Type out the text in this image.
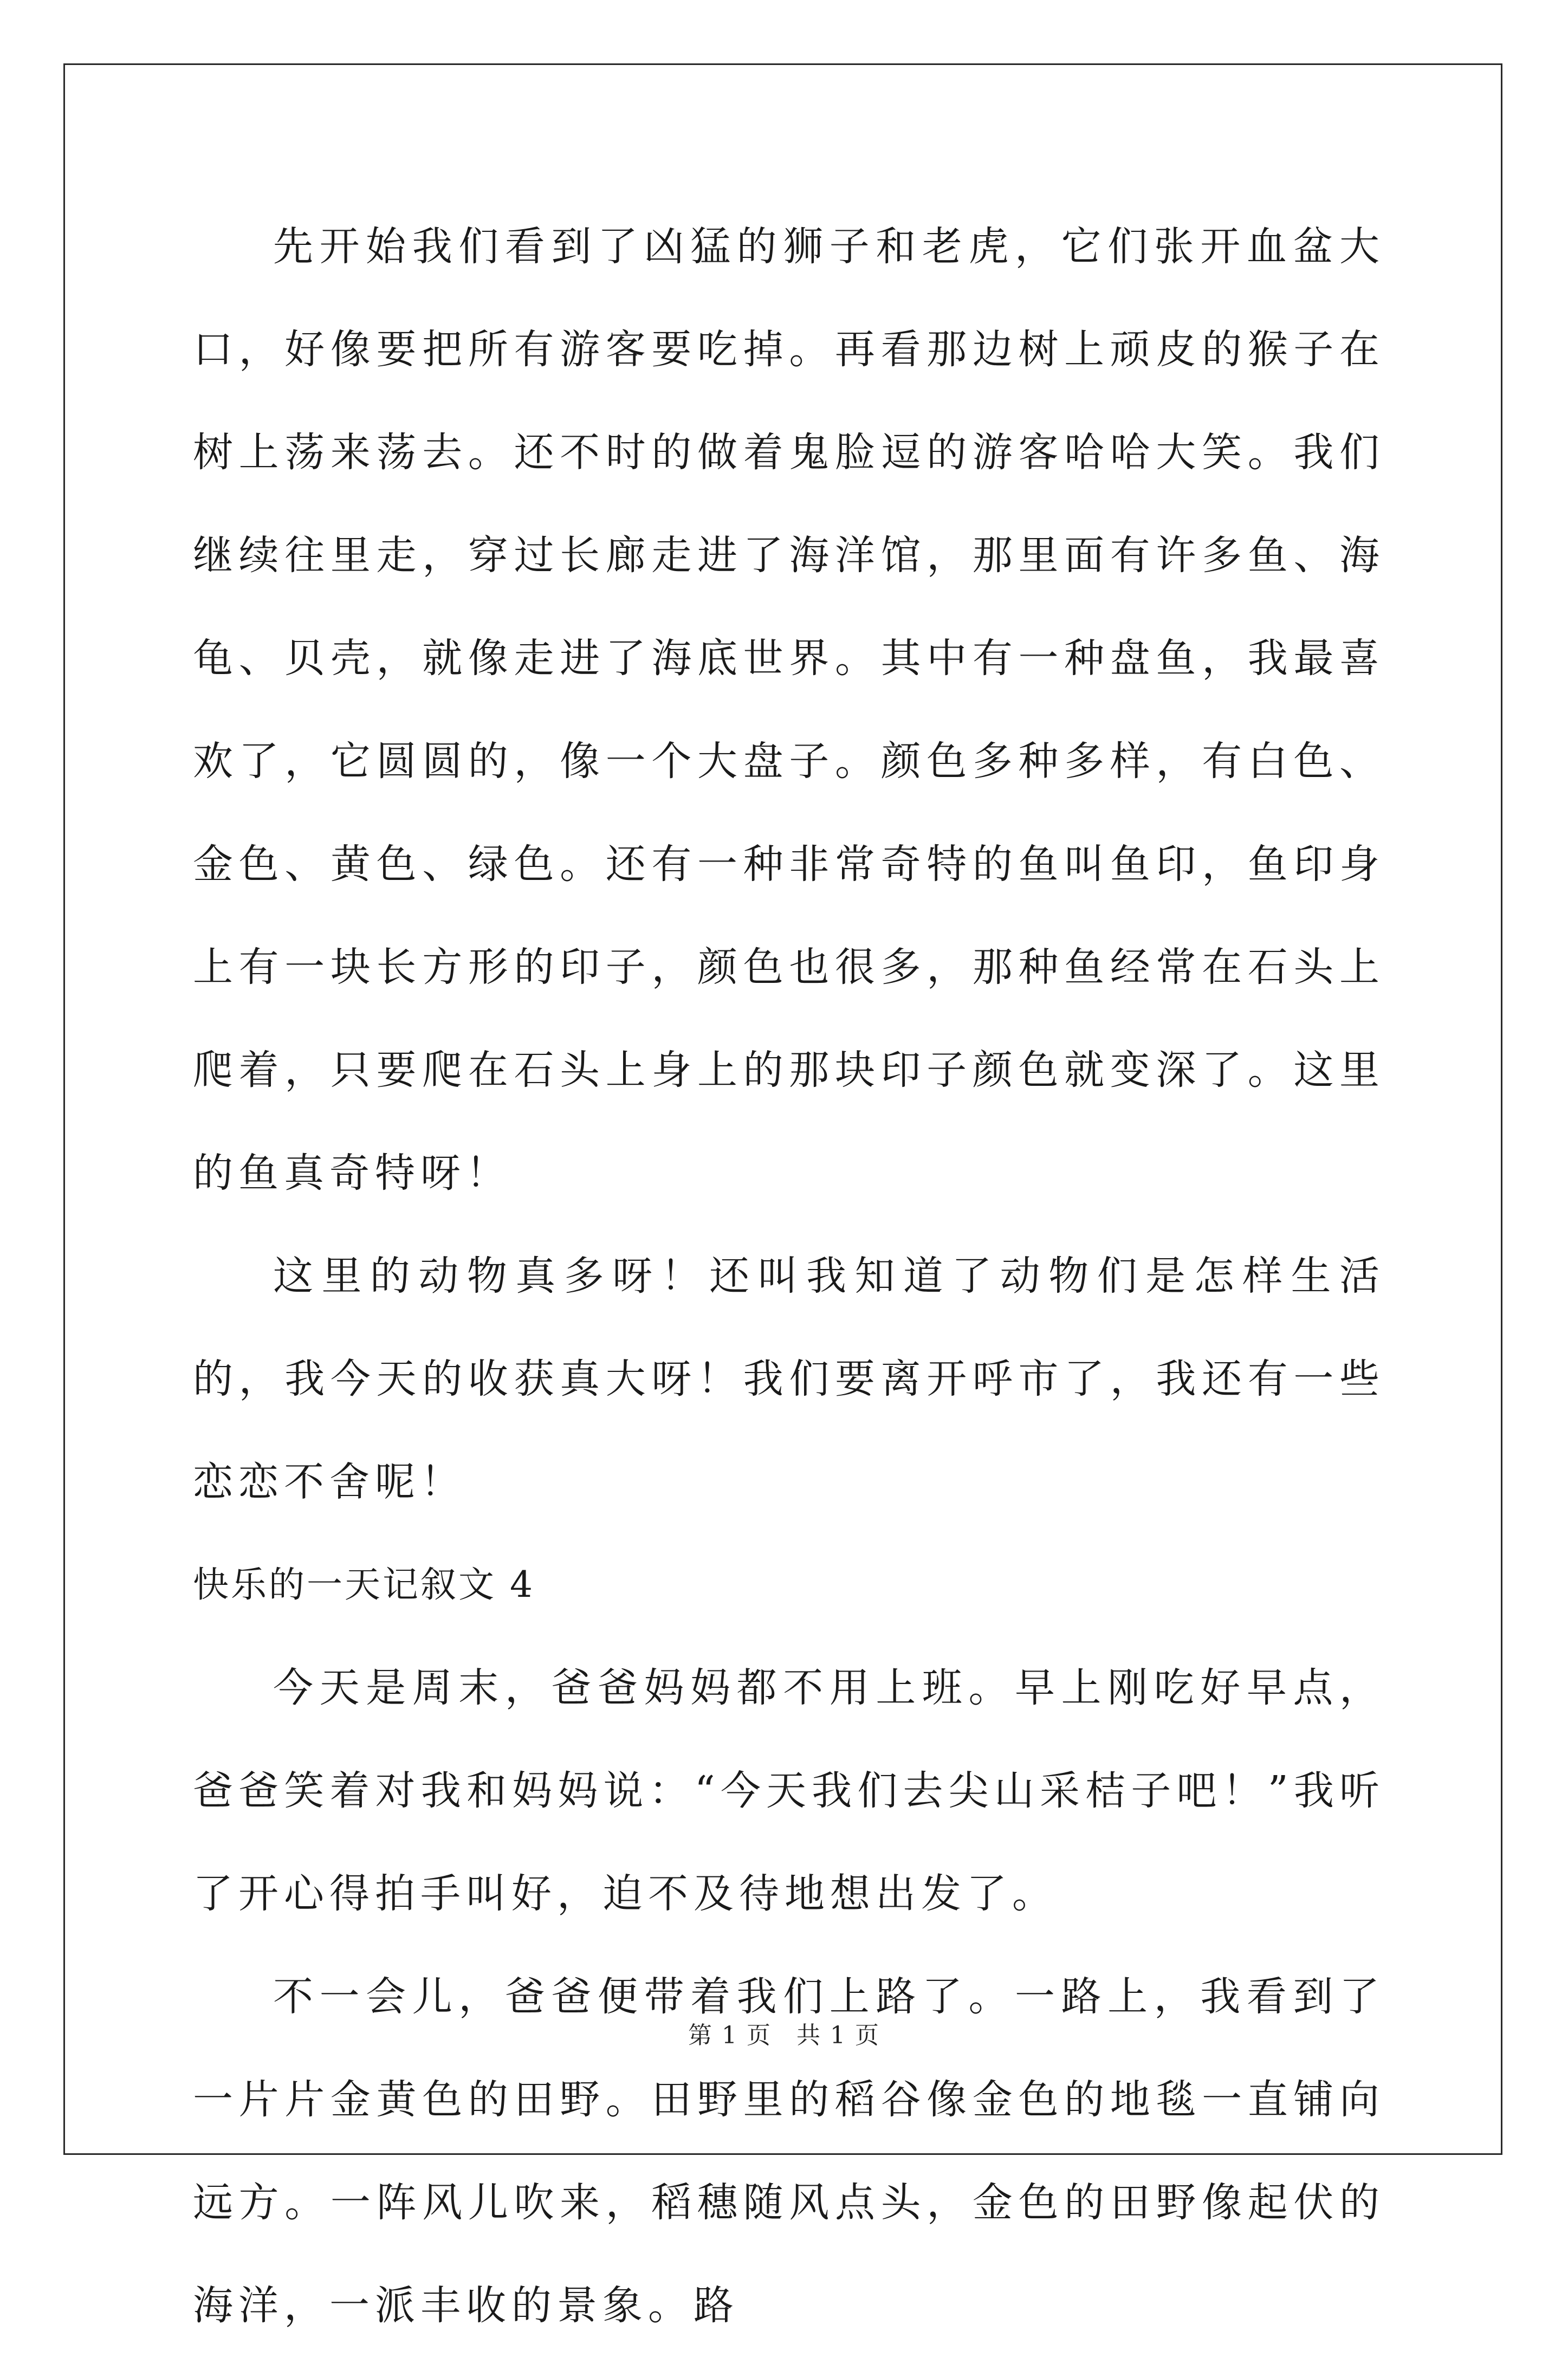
先开始我们看到了凶猛的狮子和老虎，它们张开血盆大口，好像要把所有游客要吃掉。再看那边树上顽皮的猴子在树上荡来荡去。还不时的做着鬼脸逗的游客哈哈大笑。我们继续往里走，穿过长廊走进了海洋馆，那里面有许多鱼、海龟、贝壳，就像走进了海底世界。其中有一种盘鱼，我最喜欢了，它圆圆的，像一个大盘子。颜色多种多样，有白色、金色、黄色、绿色。还有一种非常奇特的鱼叫鱼印，鱼印身上有一块长方形的印子，颜色也很多，那种鱼经常在石头上爬着，只要爬在石头上身上的那块印子颜色就变深了。这里的鱼真奇特呀！

这里的动物真多呀！还叫我知道了动物们是怎样生活的，我今天的收获真大呀！我们要离开呼市了，我还有一些恋恋不舍呢！

快乐的一天记叙文 4

今天是周末，爸爸妈妈都不用上班。早上刚吃好早点，爸爸笑着对我和妈妈说：“今天我们去尖山采桔子吧！”我听了开心得拍手叫好，迫不及待地想出发了。

不一会儿，爸爸便带着我们上路了。一路上，我看到了一片片金黄色的田野。田野里的稻谷像金色的地毯一直铺向远方。一阵风儿吹来，稻穗随风点头，金色的田野像起伏的海洋，一派丰收的景象。路

第 1 页　共 1 页
